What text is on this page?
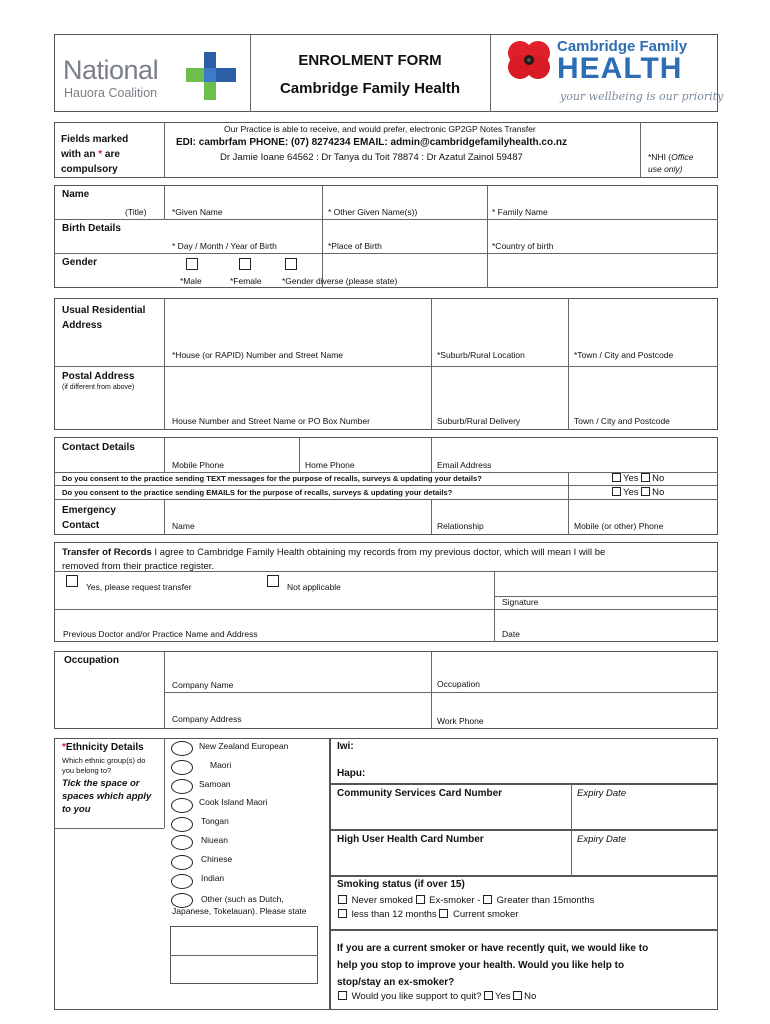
National
Hauora Coalition
ENROLMENT FORM
Cambridge Family Health
Cambridge Family
HEALTH
your wellbeing is our priority
Fields marked
with an * are
compulsory
Our Practice is able to receive, and would prefer, electronic GP2GP Notes Transfer
EDI: cambrfam PHONE: (07) 8274234 EMAIL: admin@cambridgefamilyhealth.co.nz
Dr Jamie Ioane 64562 : Dr Tanya du Toit 78874 : Dr Azatul Zainol 59487	*NHI (Office
use only)
Name
(Title)	*Given Name	* Other Given Name(s))	* Family Name
Birth Details
* Day / Month / Year of Birth	*Place of Birth	*Country of birth
Gender
*Male	*Female *Gender diverse (please state)
Usual Residential
Address
*House (or RAPID) Number and Street Name	*Suburb/Rural Location	*Town / City and Postcode
Postal Address
(if different from above)
House Number and Street Name or PO Box Number	Suburb/Rural Delivery	Town / City and Postcode
Contact Details
Mobile Phone	Home Phone	Email Address
Do you consent to the practice sending TEXT messages for the purpose of recalls, surveys & updating your details?	Yes No
Do you consent to the practice sending EMAILS for the purpose of recalls, surveys & updating your details?	Yes No
Emergency
Contact	Name	Relationship	Mobile (or other) Phone
Transfer of Records I agree to Cambridge Family Health obtaining my records from my previous doctor, which will mean I will be
removed from their practice register.
Yes, please request transfer	Not applicable
Signature
Previous Doctor and/or Practice Name and Address	Date
Occupation
Company Name	Occupation
Company Address	Work Phone
*Ethnicity Details
Which ethnic group(s) do
you belong to?
Tick the space or
spaces which apply
to you
New Zealand European
Maori
Samoan
Cook Island Maori
Tongan
Niuean
Chinese
Indian
Other (such as Dutch,
Japanese, Tokelauan). Please state
Iwi:
Hapu:
Community Services Card Number	Expiry Date
High User Health Card Number	Expiry Date
Smoking status (if over 15)
Never smoked Ex-smoker - Greater than 15months
less than 12 months Current smoker
If you are a current smoker or have recently quit, we would like to
help you stop to improve your health. Would you like help to
stop/stay an ex-smoker?
Would you like support to quit? Yes No
